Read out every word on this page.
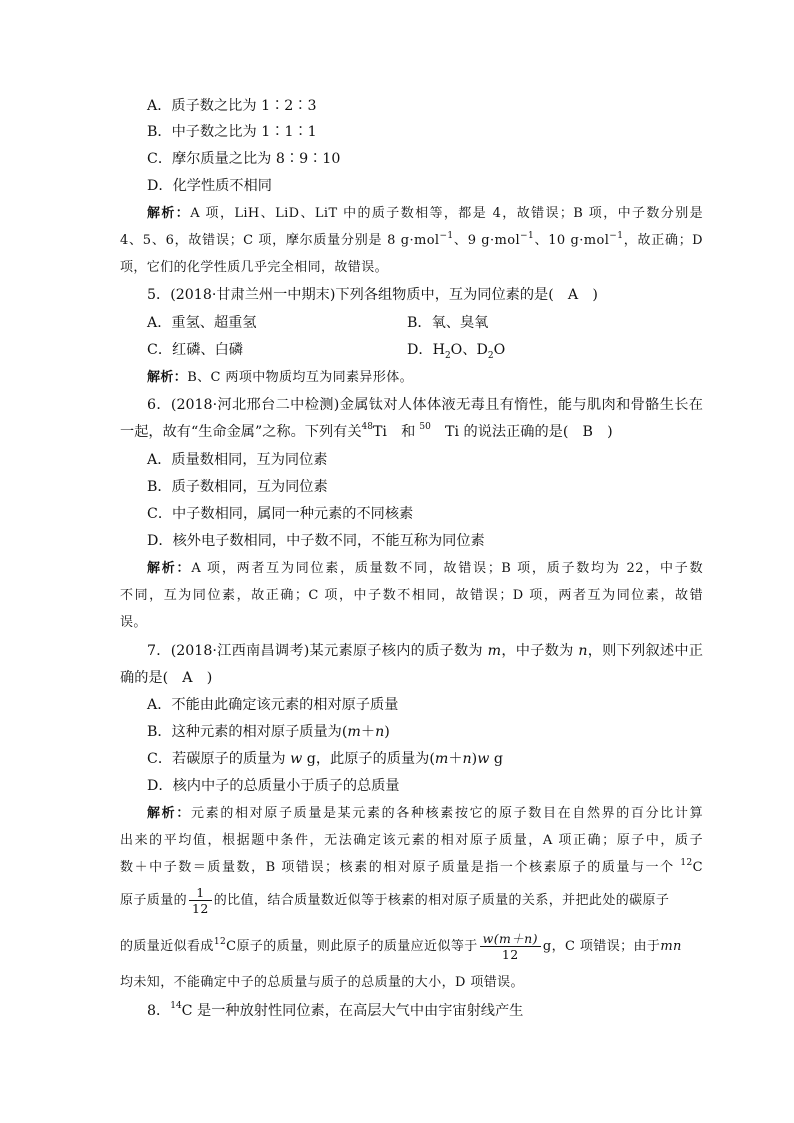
A．质子数之比为 1∶2∶3
B．中子数之比为 1∶1∶1
C．摩尔质量之比为 8∶9∶10
D．化学性质不相同
解析：A 项，LiH、LiD、LiT 中的质子数相等，都是 4，故错误；B 项，中子数分别是
4、5、6，故错误；C 项，摩尔质量分别是 8 g·mol$^{-1}$、9 g·mol$^{-1}$、10 g·mol$^{-1}$，故正确；D
项，它们的化学性质几乎完全相同，故错误。
5．(2018·甘肃兰州一中期末)下列各组物质中，互为同位素的是(　A　)
A．重氢、超重氢	B．氧、臭氧
C．红磷、白磷	D．$H_2O$、$D_2O$
解析：B、C 两项中物质均互为同素异形体。
6．(2018·河北邢台二中检测)金属钛对人体体液无毒且有惰性，能与肌肉和骨骼生长在
一起，故有“生命金属”之称。下列有关$^{48}$Ti　和 $^{50}$　Ti 的说法正确的是(　B　)
A．质量数相同，互为同位素
B．质子数相同，互为同位素
C．中子数相同，属同一种元素的不同核素
D．核外电子数相同，中子数不同，不能互称为同位素
解析：A 项，两者互为同位素，质量数不同，故错误；B 项，质子数均为 22，中子数
不同，互为同位素，故正确；C 项，中子数不相同，故错误；D 项，两者互为同位素，故错
误。
7．(2018·江西南昌调考)某元素原子核内的质子数为 m，中子数为 n，则下列叙述中正
确的是(　A　)
A．不能由此确定该元素的相对原子质量
B．这种元素的相对原子质量为(m＋n)
C．若碳原子的质量为 w g，此原子的质量为(m＋n)w g
D．核内中子的总质量小于质子的总质量
解析：元素的相对原子质量是某元素的各种核素按它的原子数目在自然界的百分比计算
出来的平均值，根据题中条件，无法确定该元素的相对原子质量，A 项正确；原子中，质子
数＋中子数＝质量数，B 项错误；核素的相对原子质量是指一个核素原子的质量与一个 $^{12}$C
原子质量的 $\frac{1}{12}$ 的比值，结合质量数近似等于核素的相对原子质量的关系，并把此处的碳原子
的质量近似看成$^{12}$C原子的质量，则此原子的质量应近似等于 $\frac{w(m+n)}{12}$ g，C 项错误；由于mn
均未知，不能确定中子的总质量与质子的总质量的大小，D 项错误。
8．$^{14}$C 是一种放射性同位素，在高层大气中由宇宙射线产生
